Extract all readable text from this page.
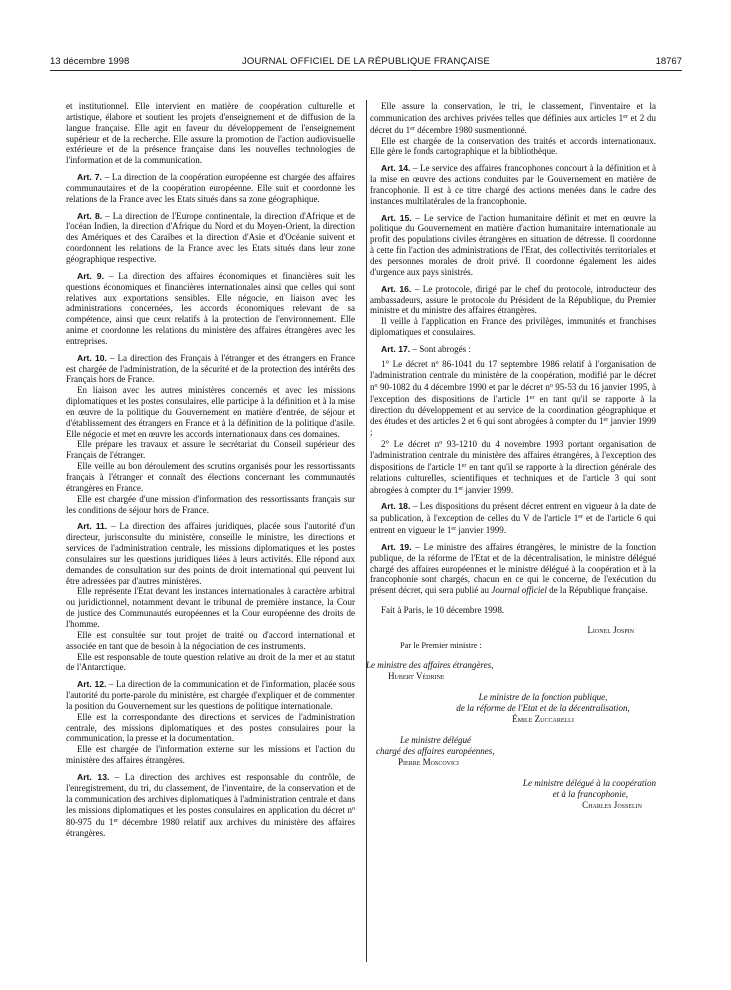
13 décembre 1998	JOURNAL OFFICIEL DE LA RÉPUBLIQUE FRANÇAISE	18767

et institutionnel. Elle intervient en matière de coopération culturelle et artistique, élabore et soutient les projets d'enseignement et de diffusion de la langue française. Elle agit en faveur du développement de l'enseignement supérieur et de la recherche. Elle assure la promotion de l'action audiovisuelle extérieure et de la présence française dans les nouvelles technologies de l'information et de la communication.

Art. 7. – La direction de la coopération européenne est chargée des affaires communautaires et de la coopération européenne. Elle suit et coordonne les relations de la France avec les Etats situés dans sa zone géographique.

Art. 8. – La direction de l'Europe continentale, la direction d'Afrique et de l'océan Indien, la direction d'Afrique du Nord et du Moyen-Orient, la direction des Amériques et des Caraïbes et la direction d'Asie et d'Océanie suivent et coordonnent les relations de la France avec les Etats situés dans leur zone géographique respective.

Art. 9. – La direction des affaires économiques et financières suit les questions économiques et financières internationales ainsi que celles qui sont relatives aux exportations sensibles. Elle négocie, en liaison avec les administrations concernées, les accords économiques relevant de sa compétence, ainsi que ceux relatifs à la protection de l'environnement. Elle anime et coordonne les relations du ministère des affaires étrangères avec les entreprises.

Art. 10. – La direction des Français à l'étranger et des étrangers en France est chargée de l'administration, de la sécurité et de la protection des intérêts des Français hors de France.

En liaison avec les autres ministères concernés et avec les missions diplomatiques et les postes consulaires, elle participe à la définition et à la mise en œuvre de la politique du Gouvernement en matière d'entrée, de séjour et d'établissement des étrangers en France et à la définition de la politique d'asile. Elle négocie et met en œuvre les accords internationaux dans ces domaines.

Elle prépare les travaux et assure le secrétariat du Conseil supérieur des Français de l'étranger.

Elle veille au bon déroulement des scrutins organisés pour les ressortissants français à l'étranger et connaît des élections concernant les communautés étrangères en France.

Elle est chargée d'une mission d'information des ressortissants français sur les conditions de séjour hors de France.

Art. 11. – La direction des affaires juridiques, placée sous l'autorité d'un directeur, jurisconsulte du ministère, conseille le ministre, les directions et services de l'administration centrale, les missions diplomatiques et les postes consulaires sur les questions juridiques liées à leurs activités. Elle répond aux demandes de consultation sur des points de droit international qui peuvent lui être adressées par d'autres ministères.

Elle représente l'Etat devant les instances internationales à caractère arbitral ou juridictionnel, notamment devant le tribunal de première instance, la Cour de justice des Communautés européennes et la Cour européenne des droits de l'homme.

Elle est consultée sur tout projet de traité ou d'accord international et associée en tant que de besoin à la négociation de ces instruments.

Elle est responsable de toute question relative au droit de la mer et au statut de l'Antarctique.

Art. 12. – La direction de la communication et de l'information, placée sous l'autorité du porte-parole du ministère, est chargée d'expliquer et de commenter la position du Gouvernement sur les questions de politique internationale.

Elle est la correspondante des directions et services de l'administration centrale, des missions diplomatiques et des postes consulaires pour la communication, la presse et la documentation.

Elle est chargée de l'information externe sur les missions et l'action du ministère des affaires étrangères.

Art. 13. – La direction des archives est responsable du contrôle, de l'enregistrement, du tri, du classement, de l'inventaire, de la conservation et de la communication des archives diplomatiques à l'administration centrale et dans les missions diplomatiques et les postes consulaires en application du décret $n^o$ 80-975 du 1er décembre 1980 relatif aux archives du ministère des affaires étrangères.

Elle assure la conservation, le tri, le classement, l'inventaire et la communication des archives privées telles que définies aux articles 1er et 2 du décret du 1er décembre 1980 susmentionné.

Elle est chargée de la conservation des traités et accords internationaux. Elle gère le fonds cartographique et la bibliothèque.

Art. 14. – Le service des affaires francophones concourt à la définition et à la mise en œuvre des actions conduites par le Gouvernement en matière de francophonie. Il est à ce titre chargé des actions menées dans le cadre des instances multilatérales de la francophonie.

Art. 15. – Le service de l'action humanitaire définit et met en œuvre la politique du Gouvernement en matière d'action humanitaire internationale au profit des populations civiles étrangères en situation de détresse. Il coordonne à cette fin l'action des administrations de l'Etat, des collectivités territoriales et des personnes morales de droit privé. Il coordonne également les aides d'urgence aux pays sinistrés.

Art. 16. – Le protocole, dirigé par le chef du protocole, introducteur des ambassadeurs, assure le protocole du Président de la République, du Premier ministre et du ministre des affaires étrangères.

Il veille à l'application en France des privilèges, immunités et franchises diplomatiques et consulaires.

Art. 17. – Sont abrogés :

1° Le décret $n^o$ 86-1041 du 17 septembre 1986 relatif à l'organisation de l'administration centrale du ministère de la coopération, modifié par le décret $n^o$ 90-1082 du 4 décembre 1990 et par le décret $n^o$ 95-53 du 16 janvier 1995, à l'exception des dispositions de l'article 1er en tant qu'il se rapporte à la direction du développement et au service de la coordination géographique et des études et des articles 2 et 6 qui sont abrogées à compter du 1er janvier 1999 ;

2° Le décret $n^o$ 93-1210 du 4 novembre 1993 portant organisation de l'administration centrale du ministère des affaires étrangères, à l'exception des dispositions de l'article 1er en tant qu'il se rapporte à la direction générale des relations culturelles, scientifiques et techniques et de l'article 3 qui sont abrogées à compter du 1er janvier 1999.

Art. 18. – Les dispositions du présent décret entrent en vigueur à la date de sa publication, à l'exception de celles du V de l'article 1er et de l'article 6 qui entrent en vigueur le 1er janvier 1999.

Art. 19. – Le ministre des affaires étrangères, le ministre de la fonction publique, de la réforme de l'Etat et de la décentralisation, le ministre délégué chargé des affaires européennes et le ministre délégué à la coopération et à la francophonie sont chargés, chacun en ce qui le concerne, de l'exécution du présent décret, qui sera publié au Journal officiel de la République française.

Fait à Paris, le 10 décembre 1998.

Lionel Jospin
Par le Premier ministre :
Le ministre des affaires étrangères,
Hubert Védrine
Le ministre de la fonction publique,
de la réforme de l'Etat et de la décentralisation,
Émile Zuccarelli
Le ministre délégué
chargé des affaires européennes,
Pierre Moscovici
Le ministre délégué à la coopération
et à la francophonie,
Charles Josselin
